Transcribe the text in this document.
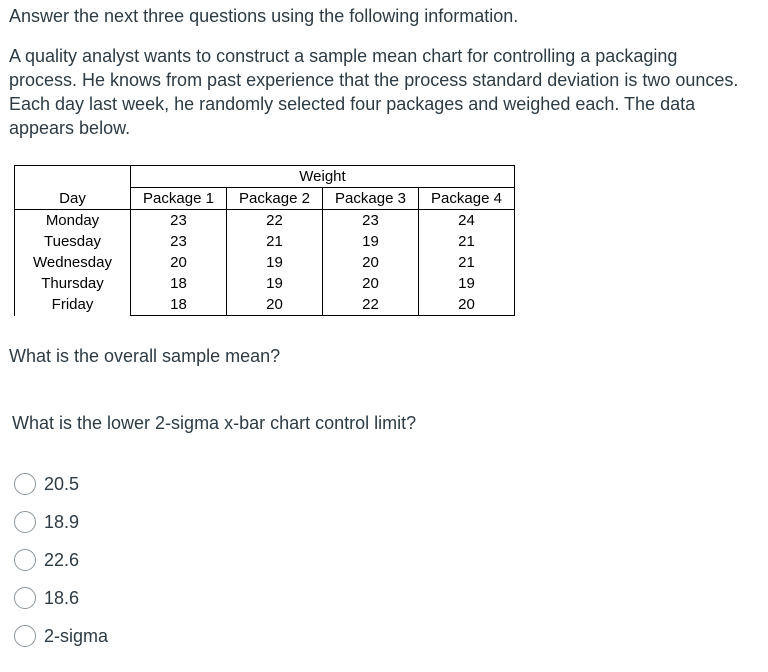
Answer the next three questions using the following information.

A quality analyst wants to construct a sample mean chart for controlling a packaging process. He knows from past experience that the process standard deviation is two ounces. Each day last week, he randomly selected four packages and weighed each. The data appears below.

	Weight			
Day	Package 1	Package 2	Package 3	Package 4
Monday	23	22	23	24
Tuesday	23	21	19	21
Wednesday	20	19	20	21
Thursday	18	19	20	19
Friday	18	20	22	20

What is the overall sample mean?

What is the lower 2-sigma x-bar chart control limit?

20.5
18.9
22.6
18.6
2-sigma
